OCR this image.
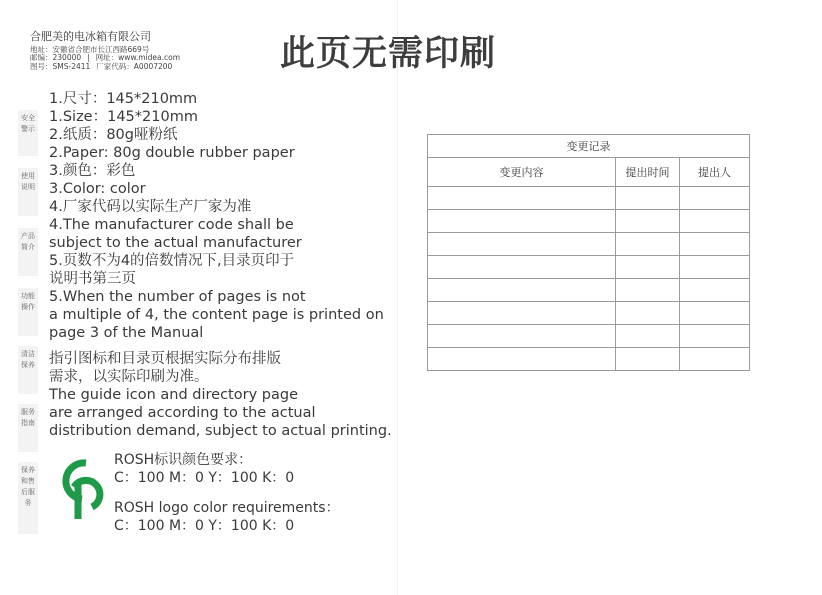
合肥美的电冰箱有限公司
地址：安徽省合肥市长江西路669号
邮编：230000 | 网址：www.midea.com
图号：SMS-2411 厂家代码：A0007200	此页无需印刷
安全警示
使用说明
产品简介
功能操作
清洁保养
服务指南
保养和售后服务
1.尺寸：145*210mm
1.Size：145*210mm
2.纸质：80g哑粉纸
2.Paper: 80g double rubber paper
3.颜色：彩色
3.Color: color
4.厂家代码以实际生产厂家为准
4.The manufacturer code shall be
subject to the actual manufacturer
5.页数不为4的倍数情况下,目录页印于
说明书第三页
5.When the number of pages is not
a multiple of 4, the content page is printed on
page 3 of the Manual
指引图标和目录页根据实际分布排版
需求，以实际印刷为准。
The guide icon and directory page
are arranged according to the actual
distribution demand, subject to actual printing.
ROSH标识颜色要求：
C：100 M：0 Y：100 K：0
ROSH logo color requirements：
C：100 M：0 Y：100 K：0
变更记录		
变更内容	提出时间	提出人
